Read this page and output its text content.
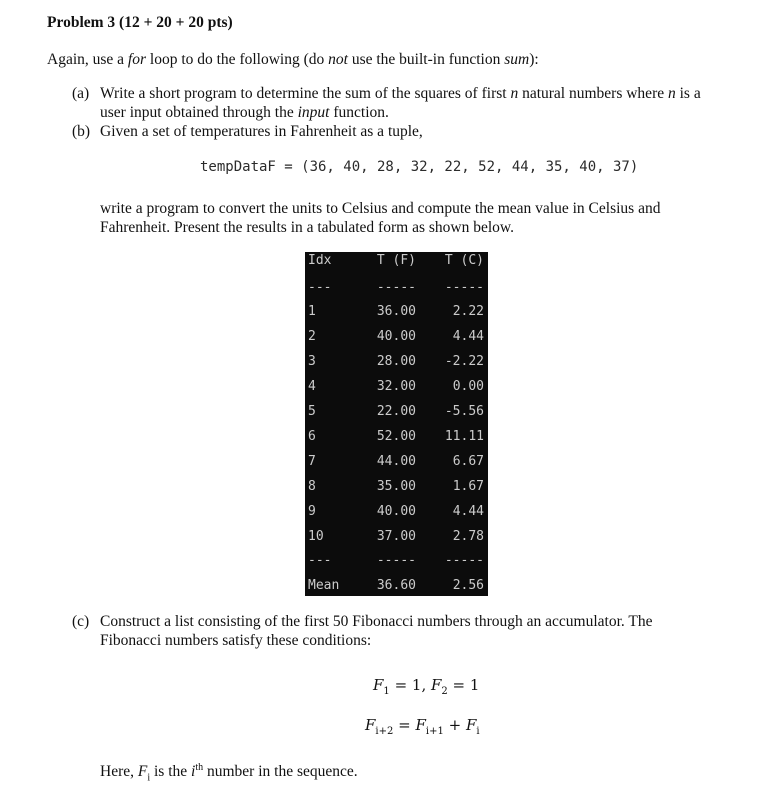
Problem 3 (12 + 20 + 20 pts)
Again, use a for loop to do the following (do not use the built-in function sum):
(a) Write a short program to determine the sum of the squares of first n natural numbers where n is a
user input obtained through the input function.
(b) Given a set of temperatures in Fahrenheit as a tuple,
tempDataF = (36, 40, 28, 32, 22, 52, 44, 35, 40, 37)
write a program to convert the units to Celsius and compute the mean value in Celsius and
Fahrenheit. Present the results in a tabulated form as shown below.
Idx	T (F) T (C)
---	----- -----
1	36.00	2.22
2	40.00	4.44
3	28.00 -2.22
4	32.00	0.00
5	22.00 -5.56
6	52.00 11.11
7	44.00	6.67
8	35.00	1.67
9	40.00	4.44
10	37.00	2.78
---	----- -----
Mean	36.60	2.56
(c) Construct a list consisting of the first 50 Fibonacci numbers through an accumulator. The
Fibonacci numbers satisfy these conditions:
$F_1 = 1$, $F_2 = 1$
$F_{i+2} = F_{i+1} + F_i$
Here, $F_i$ is the $i^{th}$ number in the sequence.
